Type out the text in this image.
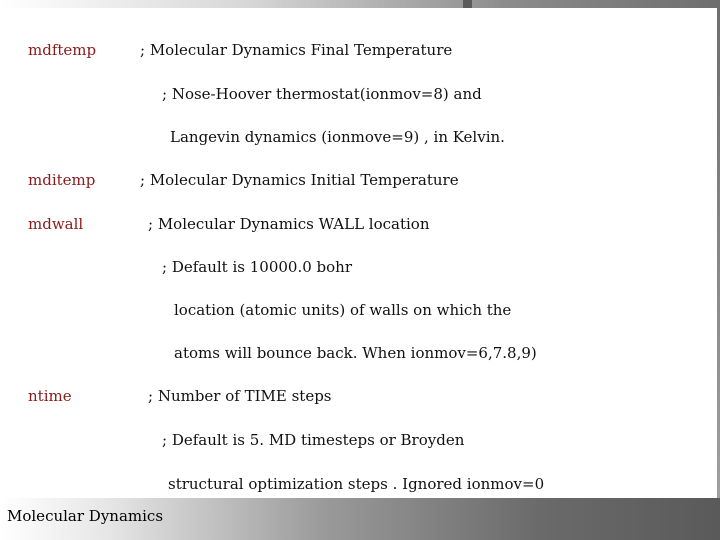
mdftemp	; Molecular Dynamics Final Temperature
; Nose-Hoover thermostat(ionmov=8) and
Langevin dynamics (ionmove=9) , in Kelvin.
mditemp	; Molecular Dynamics Initial Temperature
mdwall	; Molecular Dynamics WALL location
; Default is 10000.0 bohr
location (atomic units) of walls on which the
atoms will bounce back. When ionmov=6,7.8,9)
ntime	; Number of TIME steps
; Default is 5. MD timesteps or Broyden
structural optimization steps . Ignored ionmov=0
Molecular Dynamics
